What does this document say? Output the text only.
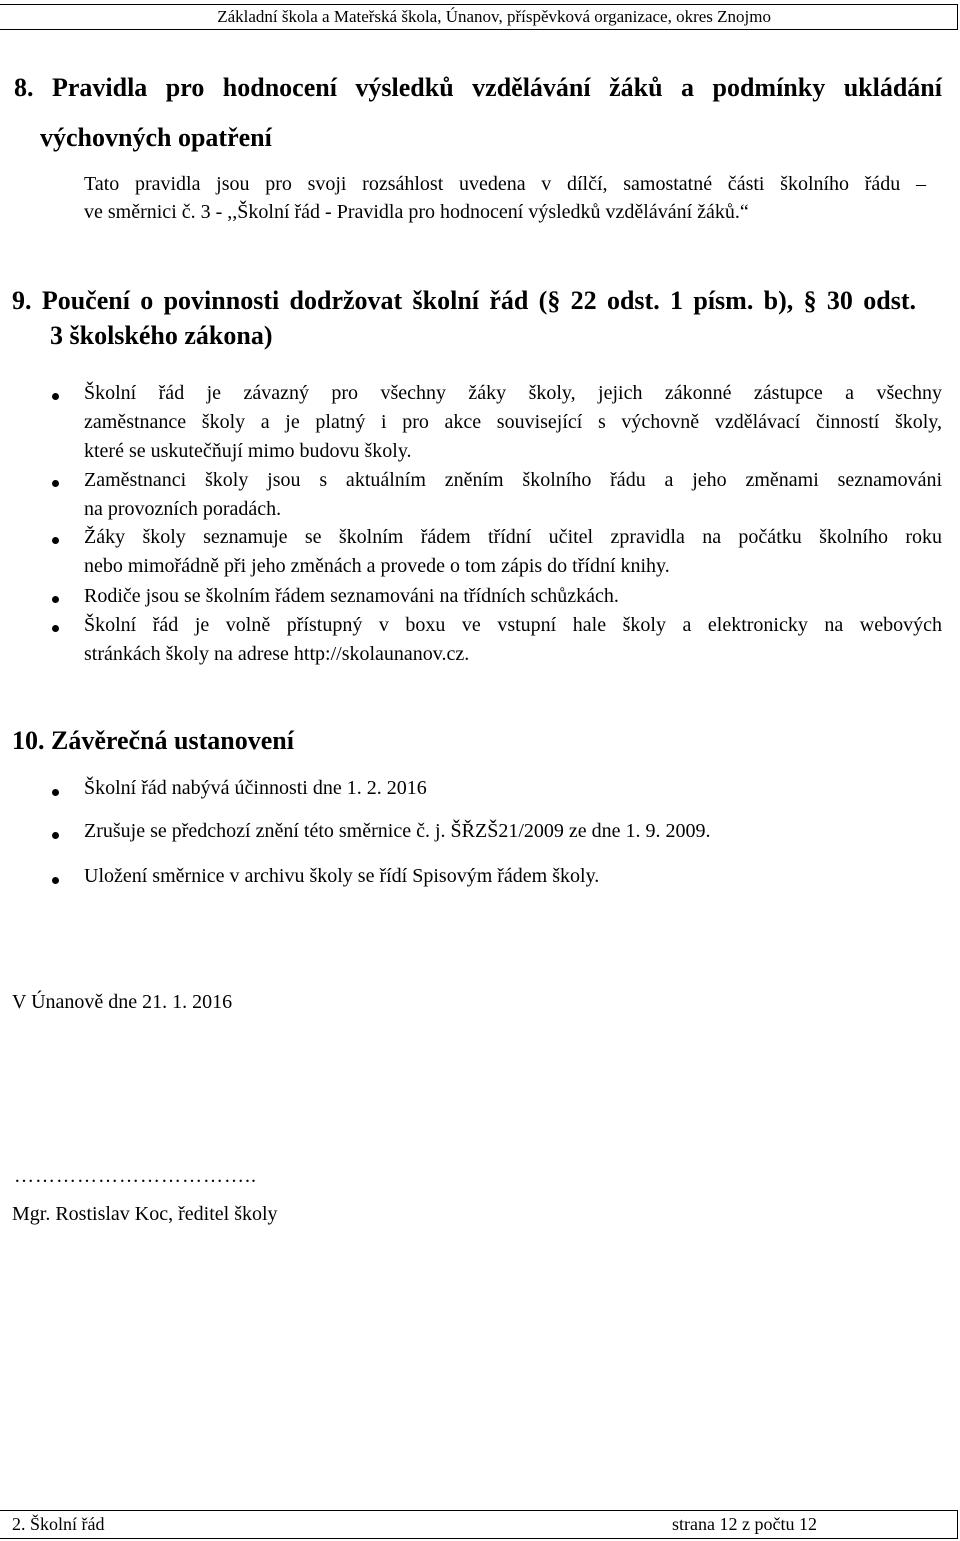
Základní škola a Mateřská škola, Únanov, příspěvková organizace, okres Znojmo
8. Pravidla pro hodnocení výsledků vzdělávání žáků a podmínky ukládání
výchovných opatření
Tato pravidla jsou pro svoji rozsáhlost uvedena v dílčí, samostatné části školního řádu –
ve směrnici č. 3 - ,,Školní řád - Pravidla pro hodnocení výsledků vzdělávání žáků.“
9. Poučení o povinnosti dodržovat školní řád (§ 22 odst. 1 písm. b), § 30 odst.
3 školského zákona)
Školní řád je závazný pro všechny žáky školy, jejich zákonné zástupce a všechny
zaměstnance školy a je platný i pro akce související s výchovně vzdělávací činností školy,
které se uskutečňují mimo budovu školy.
Zaměstnanci školy jsou s aktuálním zněním školního řádu a jeho změnami seznamováni
na provozních poradách.
Žáky školy seznamuje se školním řádem třídní učitel zpravidla na počátku školního roku
nebo mimořádně při jeho změnách a provede o tom zápis do třídní knihy.
Rodiče jsou se školním řádem seznamováni na třídních schůzkách.
Školní řád je volně přístupný v boxu ve vstupní hale školy a elektronicky na webových
stránkách školy na adrese http://skolaunanov.cz.
10. Závěrečná ustanovení
Školní řád nabývá účinnosti dne 1. 2. 2016
Zrušuje se předchozí znění této směrnice č. j. ŠŘZŠ21/2009 ze dne 1. 9. 2009.
Uložení směrnice v archivu školy se řídí Spisovým řádem školy.
V Únanově dne 21. 1. 2016
……………………………..
Mgr. Rostislav Koc, ředitel školy
2. Školní řád	strana 12 z počtu 12
